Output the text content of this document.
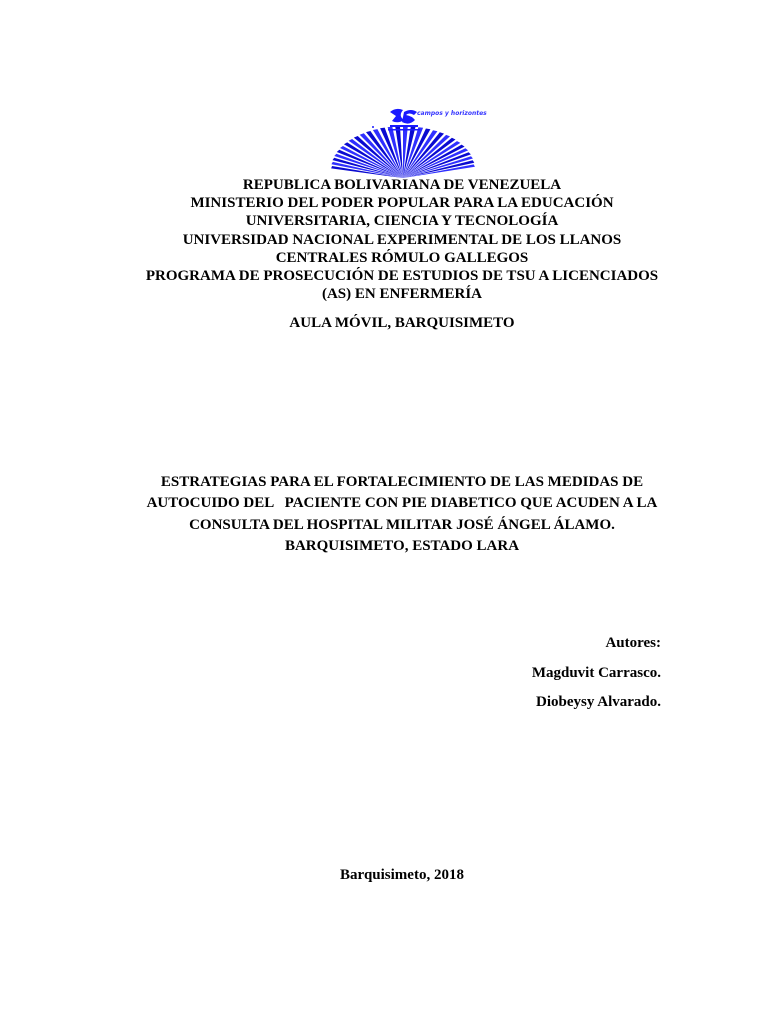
campos y horizontes
REPUBLICA BOLIVARIANA DE VENEZUELA
MINISTERIO DEL PODER POPULAR PARA LA EDUCACIÓN
UNIVERSITARIA, CIENCIA Y TECNOLOGÍA
UNIVERSIDAD NACIONAL EXPERIMENTAL DE LOS LLANOS
CENTRALES RÓMULO GALLEGOS
PROGRAMA DE PROSECUCIÓN DE ESTUDIOS DE TSU A LICENCIADOS
(AS) EN ENFERMERÍA
AULA MÓVIL, BARQUISIMETO
ESTRATEGIAS PARA EL FORTALECIMIENTO DE LAS MEDIDAS DE
AUTOCUIDO DEL   PACIENTE CON PIE DIABETICO QUE ACUDEN A LA
CONSULTA DEL HOSPITAL MILITAR JOSÉ ÁNGEL ÁLAMO.
BARQUISIMETO, ESTADO LARA
Autores:
Magduvit Carrasco.
Diobeysy Alvarado.
Barquisimeto, 2018
